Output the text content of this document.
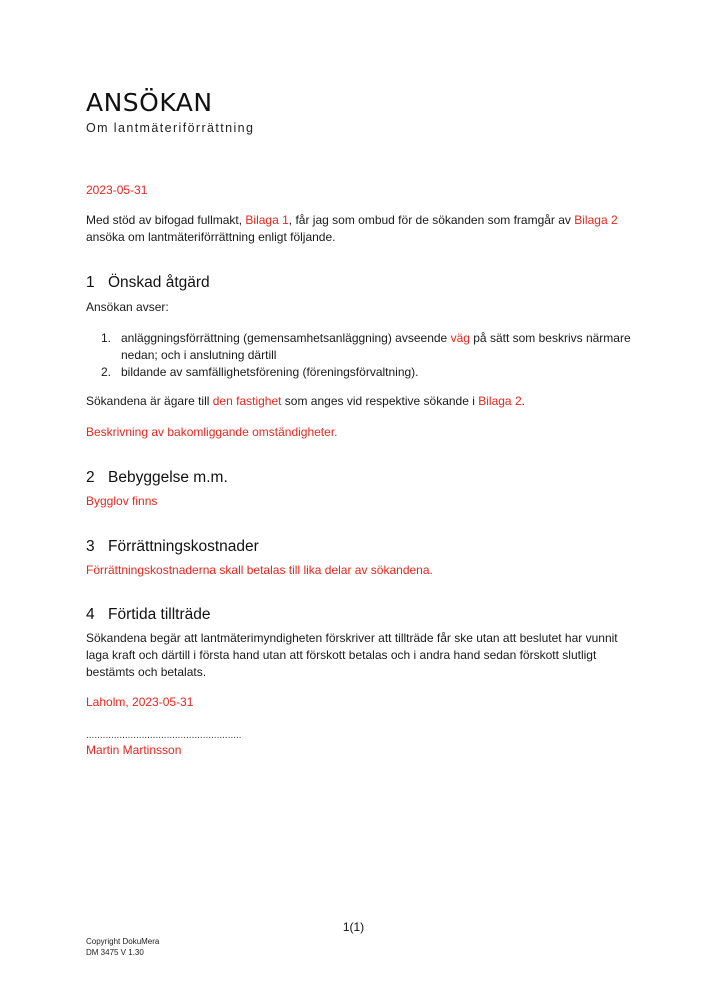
ANSÖKAN
Om lantmäteriförrättning
2023-05-31
Med stöd av bifogad fullmakt, Bilaga 1, får jag som ombud för de sökanden som framgår av Bilaga 2 ansöka om lantmäteriförrättning enligt följande.
1 Önskad åtgärd
Ansökan avser:
1. anläggningsförrättning (gemensamhetsanläggning) avseende väg på sätt som beskrivs närmare nedan; och i anslutning därtill
2. bildande av samfällighetsförening (föreningsförvaltning).
Sökandena är ägare till den fastighet som anges vid respektive sökande i Bilaga 2.
Beskrivning av bakomliggande omständigheter.
2 Bebyggelse m.m.
Bygglov finns
3 Förrättningskostnader
Förrättningskostnaderna skall betalas till lika delar av sökandena.
4 Förtida tillträde
Sökandena begär att lantmäterimyndigheten förskriver att tillträde får ske utan att beslutet har vunnit laga kraft och därtill i första hand utan att förskott betalas och i andra hand sedan förskott slutligt bestämts och betalats.
Laholm, 2023-05-31
........................................................
Martin Martinsson
1(1)
Copyright DokuMera
DM 3475 V 1.30
